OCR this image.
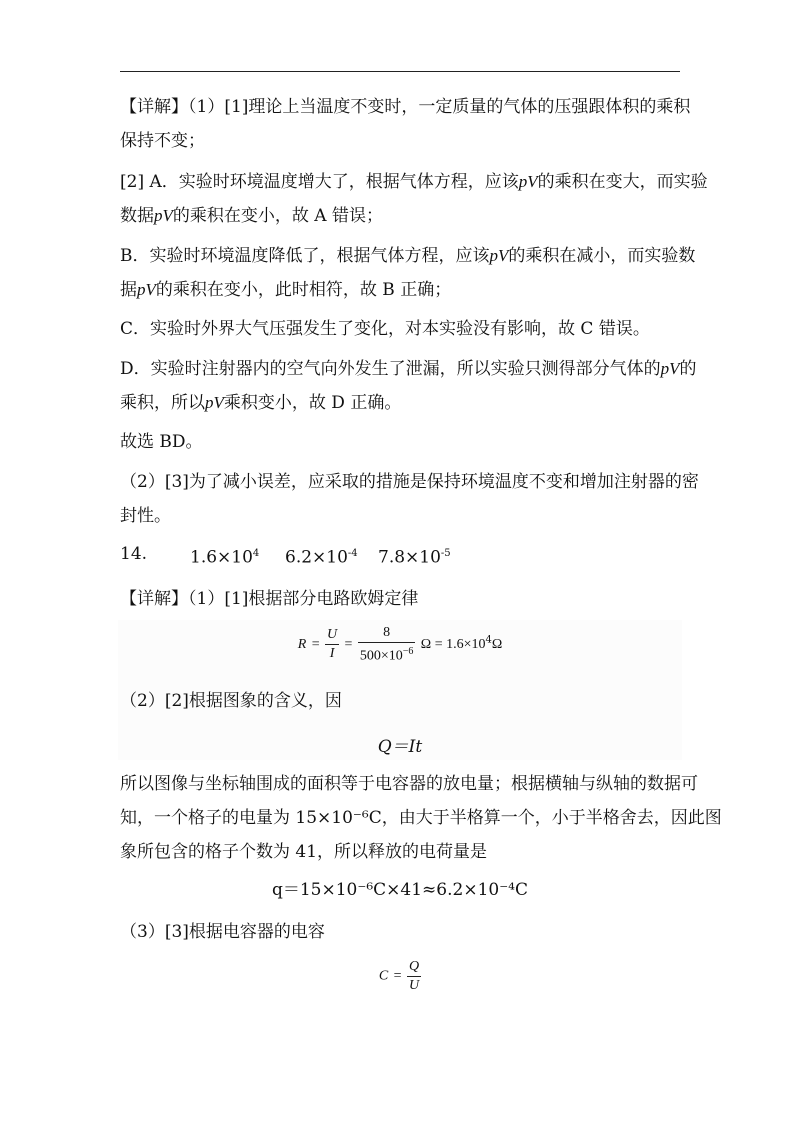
【详解】（1）[1]理论上当温度不变时，一定质量的气体的压强跟体积的乘积
保持不变；
[2] A．实验时环境温度增大了，根据气体方程，应该pV的乘积在变大，而实验
数据pV的乘积在变小，故 A 错误；
B．实验时环境温度降低了，根据气体方程，应该pV的乘积在减小，而实验数
据pV的乘积在变小，此时相符，故 B 正确；
C．实验时外界大气压强发生了变化，对本实验没有影响，故 C 错误。
D．实验时注射器内的空气向外发生了泄漏，所以实验只测得部分气体的pV的
乘积，所以pV乘积变小，故 D 正确。
故选 BD。
（2）[3]为了减小误差，应采取的措施是保持环境温度不变和增加注射器的密
封性。
14.	$1.6\times 10^4$ $6.2\times 10^{-4}$ $7.8\times 10^{-5}$
【详解】（1）[1]根据部分电路欧姆定律
$R = \frac{U}{I} = \frac{8}{500\times 10^{-6}}$ $\Omega = 1.6\times 10^4\Omega$
（2）[2]根据图象的含义，因
Q＝It
所以图像与坐标轴围成的面积等于电容器的放电量；根据横轴与纵轴的数据可
知，一个格子的电量为 15×10⁻⁶C，由大于半格算一个，小于半格舍去，因此图
象所包含的格子个数为 41，所以释放的电荷量是
q＝15×10⁻⁶C×41≈6.2×10⁻⁴C
（3）[3]根据电容器的电容
$C = \frac{Q}{U}$
